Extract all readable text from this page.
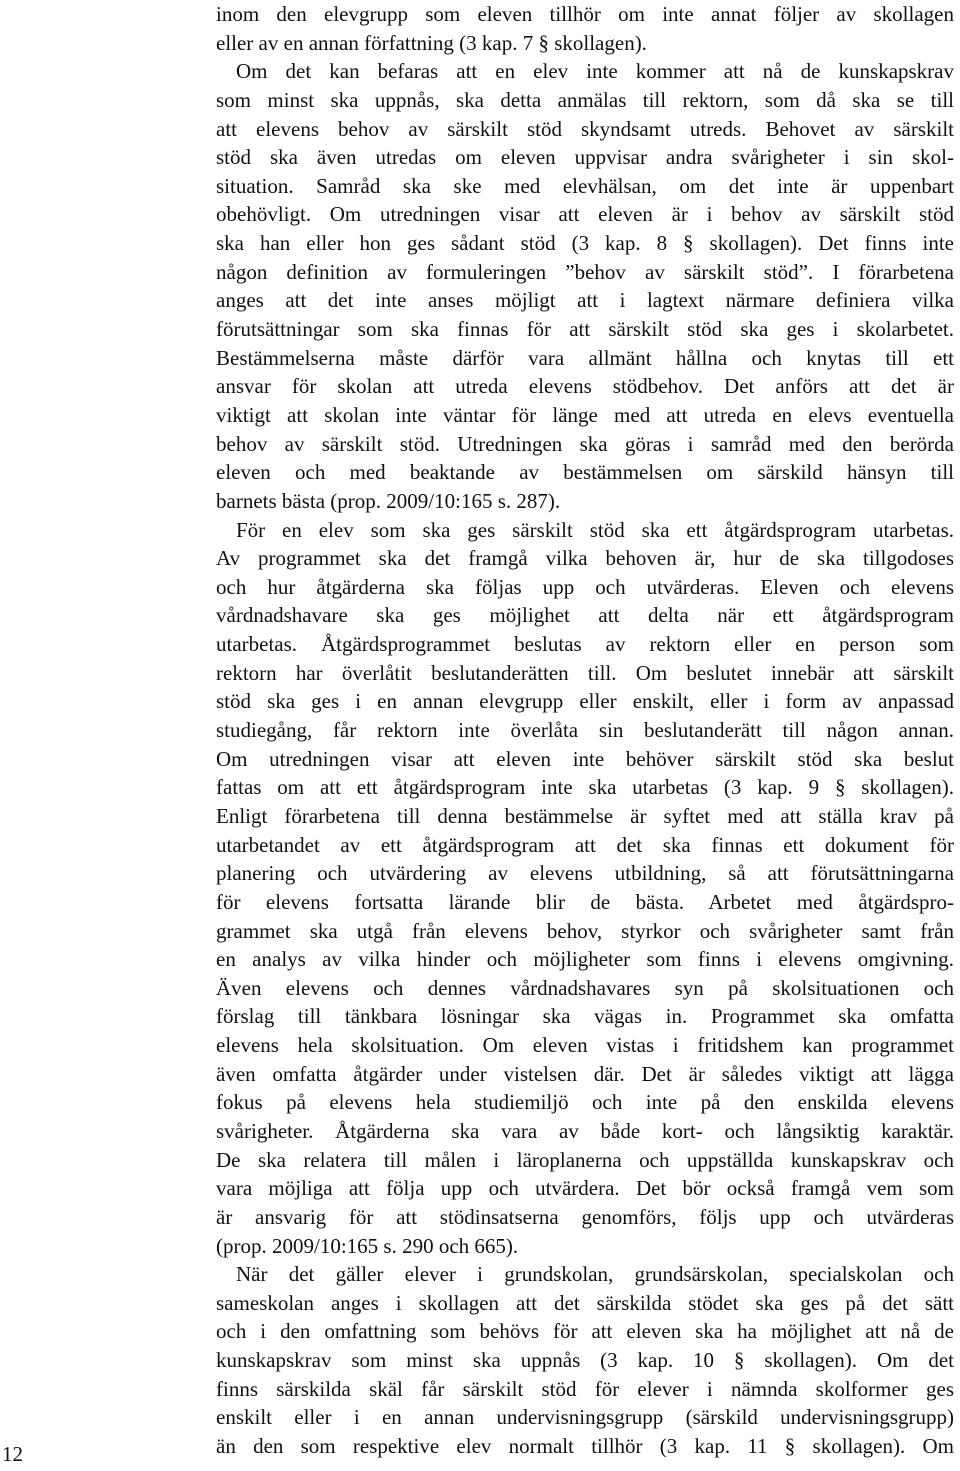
inom den elevgrupp som eleven tillhör om inte annat följer av skollagen
eller av en annan författning (3 kap. 7 § skollagen).
Om det kan befaras att en elev inte kommer att nå de kunskapskrav
som minst ska uppnås, ska detta anmälas till rektorn, som då ska se till
att elevens behov av särskilt stöd skyndsamt utreds. Behovet av särskilt
stöd ska även utredas om eleven uppvisar andra svårigheter i sin skol-
situation. Samråd ska ske med elevhälsan, om det inte är uppenbart
obehövligt. Om utredningen visar att eleven är i behov av särskilt stöd
ska han eller hon ges sådant stöd (3 kap. 8 § skollagen). Det finns inte
någon definition av formuleringen ”behov av särskilt stöd”. I förarbetena
anges att det inte anses möjligt att i lagtext närmare definiera vilka
förutsättningar som ska finnas för att särskilt stöd ska ges i skolarbetet.
Bestämmelserna måste därför vara allmänt hållna och knytas till ett
ansvar för skolan att utreda elevens stödbehov. Det anförs att det är
viktigt att skolan inte väntar för länge med att utreda en elevs eventuella
behov av särskilt stöd. Utredningen ska göras i samråd med den berörda
eleven och med beaktande av bestämmelsen om särskild hänsyn till
barnets bästa (prop. 2009/10:165 s. 287).
För en elev som ska ges särskilt stöd ska ett åtgärdsprogram utarbetas.
Av programmet ska det framgå vilka behoven är, hur de ska tillgodoses
och hur åtgärderna ska följas upp och utvärderas. Eleven och elevens
vårdnadshavare ska ges möjlighet att delta när ett åtgärdsprogram
utarbetas. Åtgärdsprogrammet beslutas av rektorn eller en person som
rektorn har överlåtit beslutanderätten till. Om beslutet innebär att särskilt
stöd ska ges i en annan elevgrupp eller enskilt, eller i form av anpassad
studiegång, får rektorn inte överlåta sin beslutanderätt till någon annan.
Om utredningen visar att eleven inte behöver särskilt stöd ska beslut
fattas om att ett åtgärdsprogram inte ska utarbetas (3 kap. 9 § skollagen).
Enligt förarbetena till denna bestämmelse är syftet med att ställa krav på
utarbetandet av ett åtgärdsprogram att det ska finnas ett dokument för
planering och utvärdering av elevens utbildning, så att förutsättningarna
för elevens fortsatta lärande blir de bästa. Arbetet med åtgärdspro-
grammet ska utgå från elevens behov, styrkor och svårigheter samt från
en analys av vilka hinder och möjligheter som finns i elevens omgivning.
Även elevens och dennes vårdnadshavares syn på skolsituationen och
förslag till tänkbara lösningar ska vägas in. Programmet ska omfatta
elevens hela skolsituation. Om eleven vistas i fritidshem kan programmet
även omfatta åtgärder under vistelsen där. Det är således viktigt att lägga
fokus på elevens hela studiemiljö och inte på den enskilda elevens
svårigheter. Åtgärderna ska vara av både kort- och långsiktig karaktär.
De ska relatera till målen i läroplanerna och uppställda kunskapskrav och
vara möjliga att följa upp och utvärdera. Det bör också framgå vem som
är ansvarig för att stödinsatserna genomförs, följs upp och utvärderas
(prop. 2009/10:165 s. 290 och 665).
När det gäller elever i grundskolan, grundsärskolan, specialskolan och
sameskolan anges i skollagen att det särskilda stödet ska ges på det sätt
och i den omfattning som behövs för att eleven ska ha möjlighet att nå de
kunskapskrav som minst ska uppnås (3 kap. 10 § skollagen). Om det
finns särskilda skäl får särskilt stöd för elever i nämnda skolformer ges
enskilt eller i en annan undervisningsgrupp (särskild undervisningsgrupp)
än den som respektive elev normalt tillhör (3 kap. 11 § skollagen). Om
12
